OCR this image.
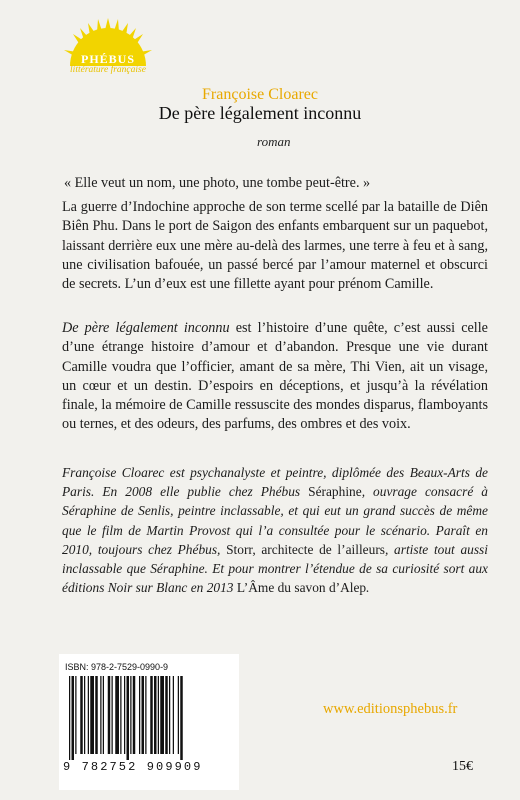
PHÉBUS
littérature française
Françoise Cloarec
De père légalement inconnu
roman

« Elle veut un nom, une photo, une tombe peut-être. »

La guerre d’Indochine approche de son terme scellé par la bataille de Diên Biên Phu. Dans le port de Saigon des enfants embarquent sur un paquebot, laissant derrière eux une mère au-delà des larmes, une terre à feu et à sang, une civilisation bafouée, un passé bercé par l’amour maternel et obscurci de secrets. L’un d’eux est une fillette ayant pour prénom Camille.

De père légalement inconnu est l’histoire d’une quête, c’est aussi celle d’une étrange histoire d’amour et d’abandon. Presque une vie durant Camille voudra que l’officier, amant de sa mère, Thi Vien, ait un visage, un cœur et un destin. D’espoirs en déceptions, et jusqu’à la révélation finale, la mémoire de Camille ressuscite des mondes disparus, flamboyants ou ternes, et des odeurs, des parfums, des ombres et des voix.

Françoise Cloarec est psychanalyste et peintre, diplômée des Beaux-Arts de Paris. En 2008 elle publie chez Phébus Séraphine, ouvrage consacré à Séraphine de Senlis, peintre inclassable, et qui eut un grand succès de même que le film de Martin Provost qui l’a consultée pour le scénario. Paraît en 2010, toujours chez Phébus, Storr, architecte de l’ailleurs, artiste tout aussi inclassable que Séraphine. Et pour montrer l’étendue de sa curiosité sort aux éditions Noir sur Blanc en 2013 L’Âme du savon d’Alep.

ISBN: 978-2-7529-0990-9
9 782752 909909
www.editionsphebus.fr
15€
